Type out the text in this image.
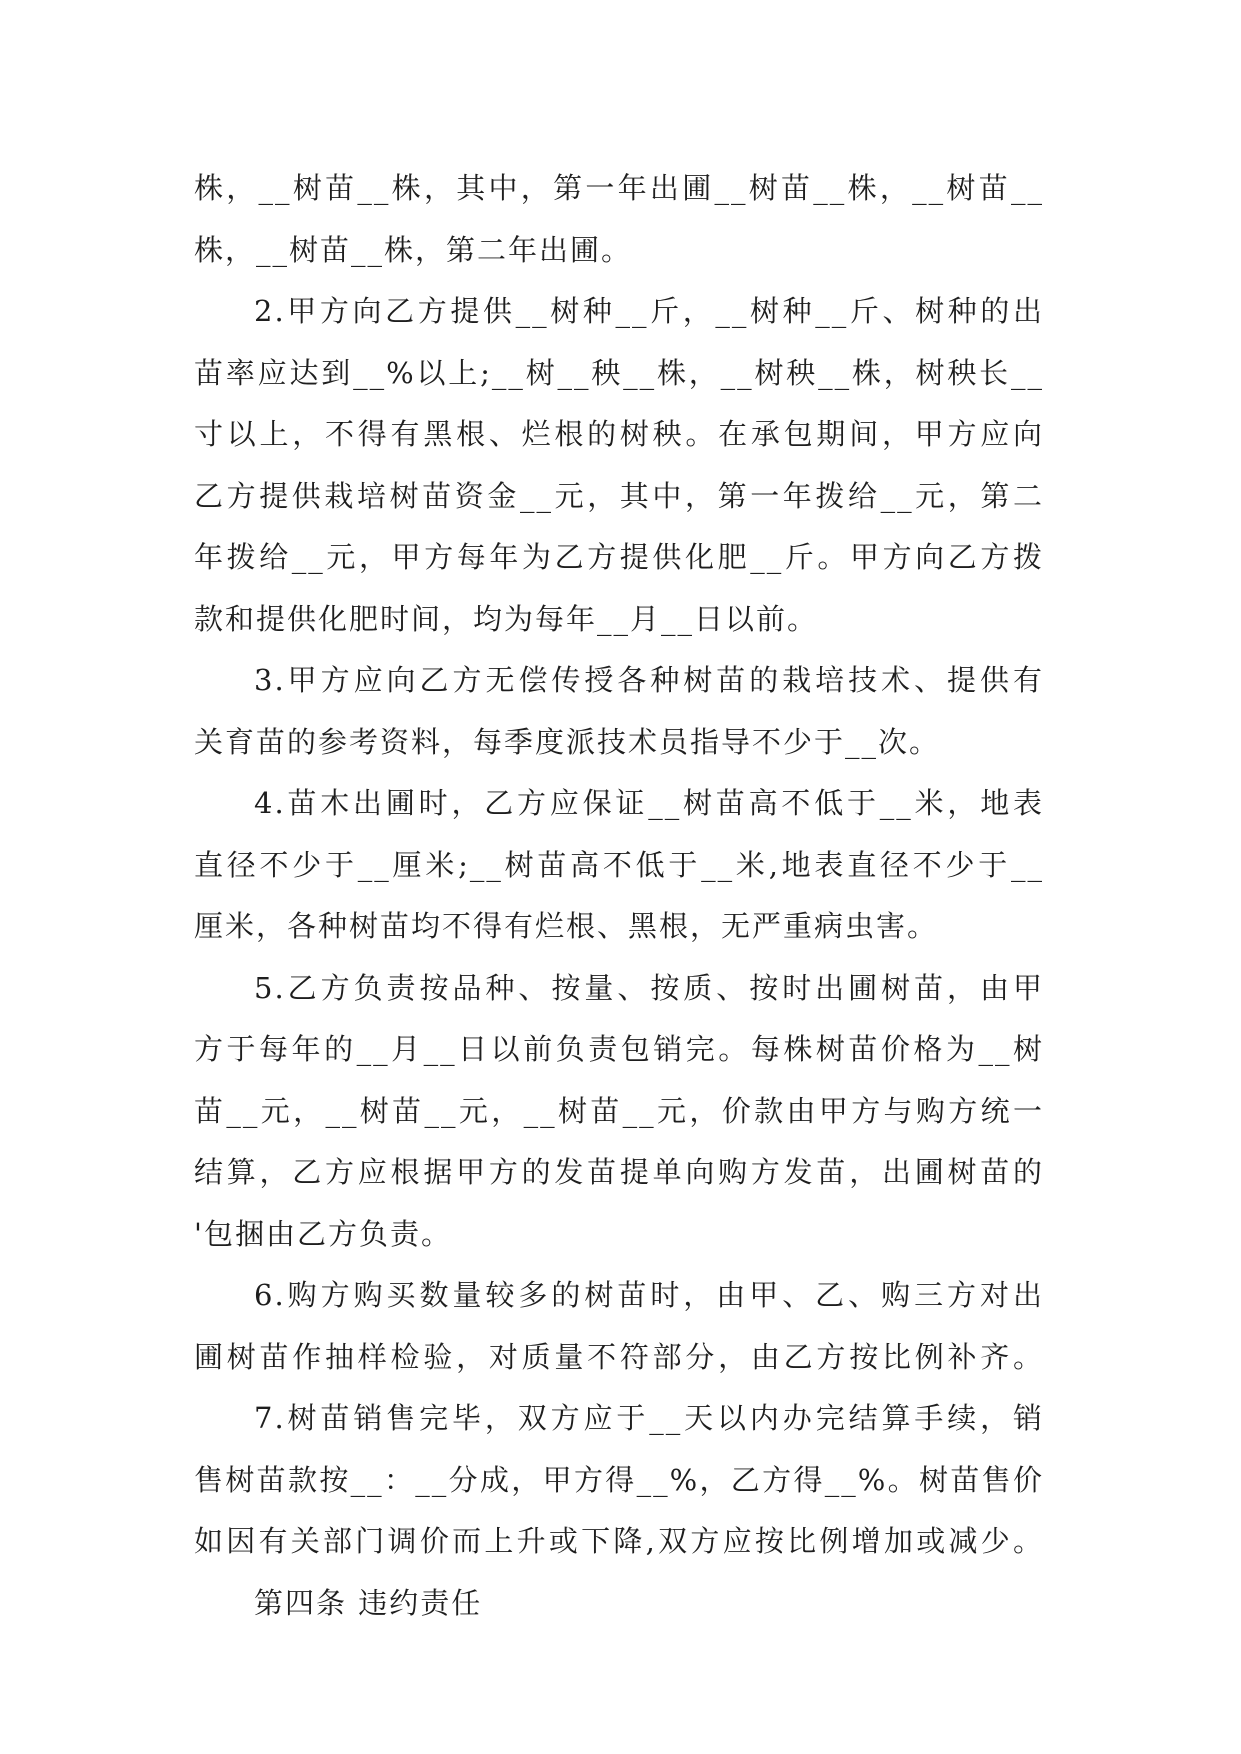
株，__树苗__株，其中，第一年出圃__树苗__株，__树苗__
株，__树苗__株，第二年出圃。
2.甲方向乙方提供__树种__斤，__树种__斤、树种的出
苗率应达到__%以上;__树__秧__株，__树秧__株，树秧长__
寸以上，不得有黑根、烂根的树秧。在承包期间，甲方应向
乙方提供栽培树苗资金__元，其中，第一年拨给__元，第二
年拨给__元，甲方每年为乙方提供化肥__斤。甲方向乙方拨
款和提供化肥时间，均为每年__月__日以前。
3.甲方应向乙方无偿传授各种树苗的栽培技术、提供有
关育苗的参考资料，每季度派技术员指导不少于__次。
4.苗木出圃时，乙方应保证__树苗高不低于__米，地表
直径不少于__厘米;__树苗高不低于__米,地表直径不少于__
厘米，各种树苗均不得有烂根、黑根，无严重病虫害。
5.乙方负责按品种、按量、按质、按时出圃树苗，由甲
方于每年的__月__日以前负责包销完。每株树苗价格为__树
苗__元，__树苗__元，__树苗__元，价款由甲方与购方统一
结算，乙方应根据甲方的发苗提单向购方发苗，出圃树苗的
'包捆由乙方负责。
6.购方购买数量较多的树苗时，由甲、乙、购三方对出
圃树苗作抽样检验，对质量不符部分，由乙方按比例补齐。
7.树苗销售完毕，双方应于__天以内办完结算手续，销
售树苗款按__：__分成，甲方得__%，乙方得__%。树苗售价
如因有关部门调价而上升或下降,双方应按比例增加或减少。
第四条 违约责任
